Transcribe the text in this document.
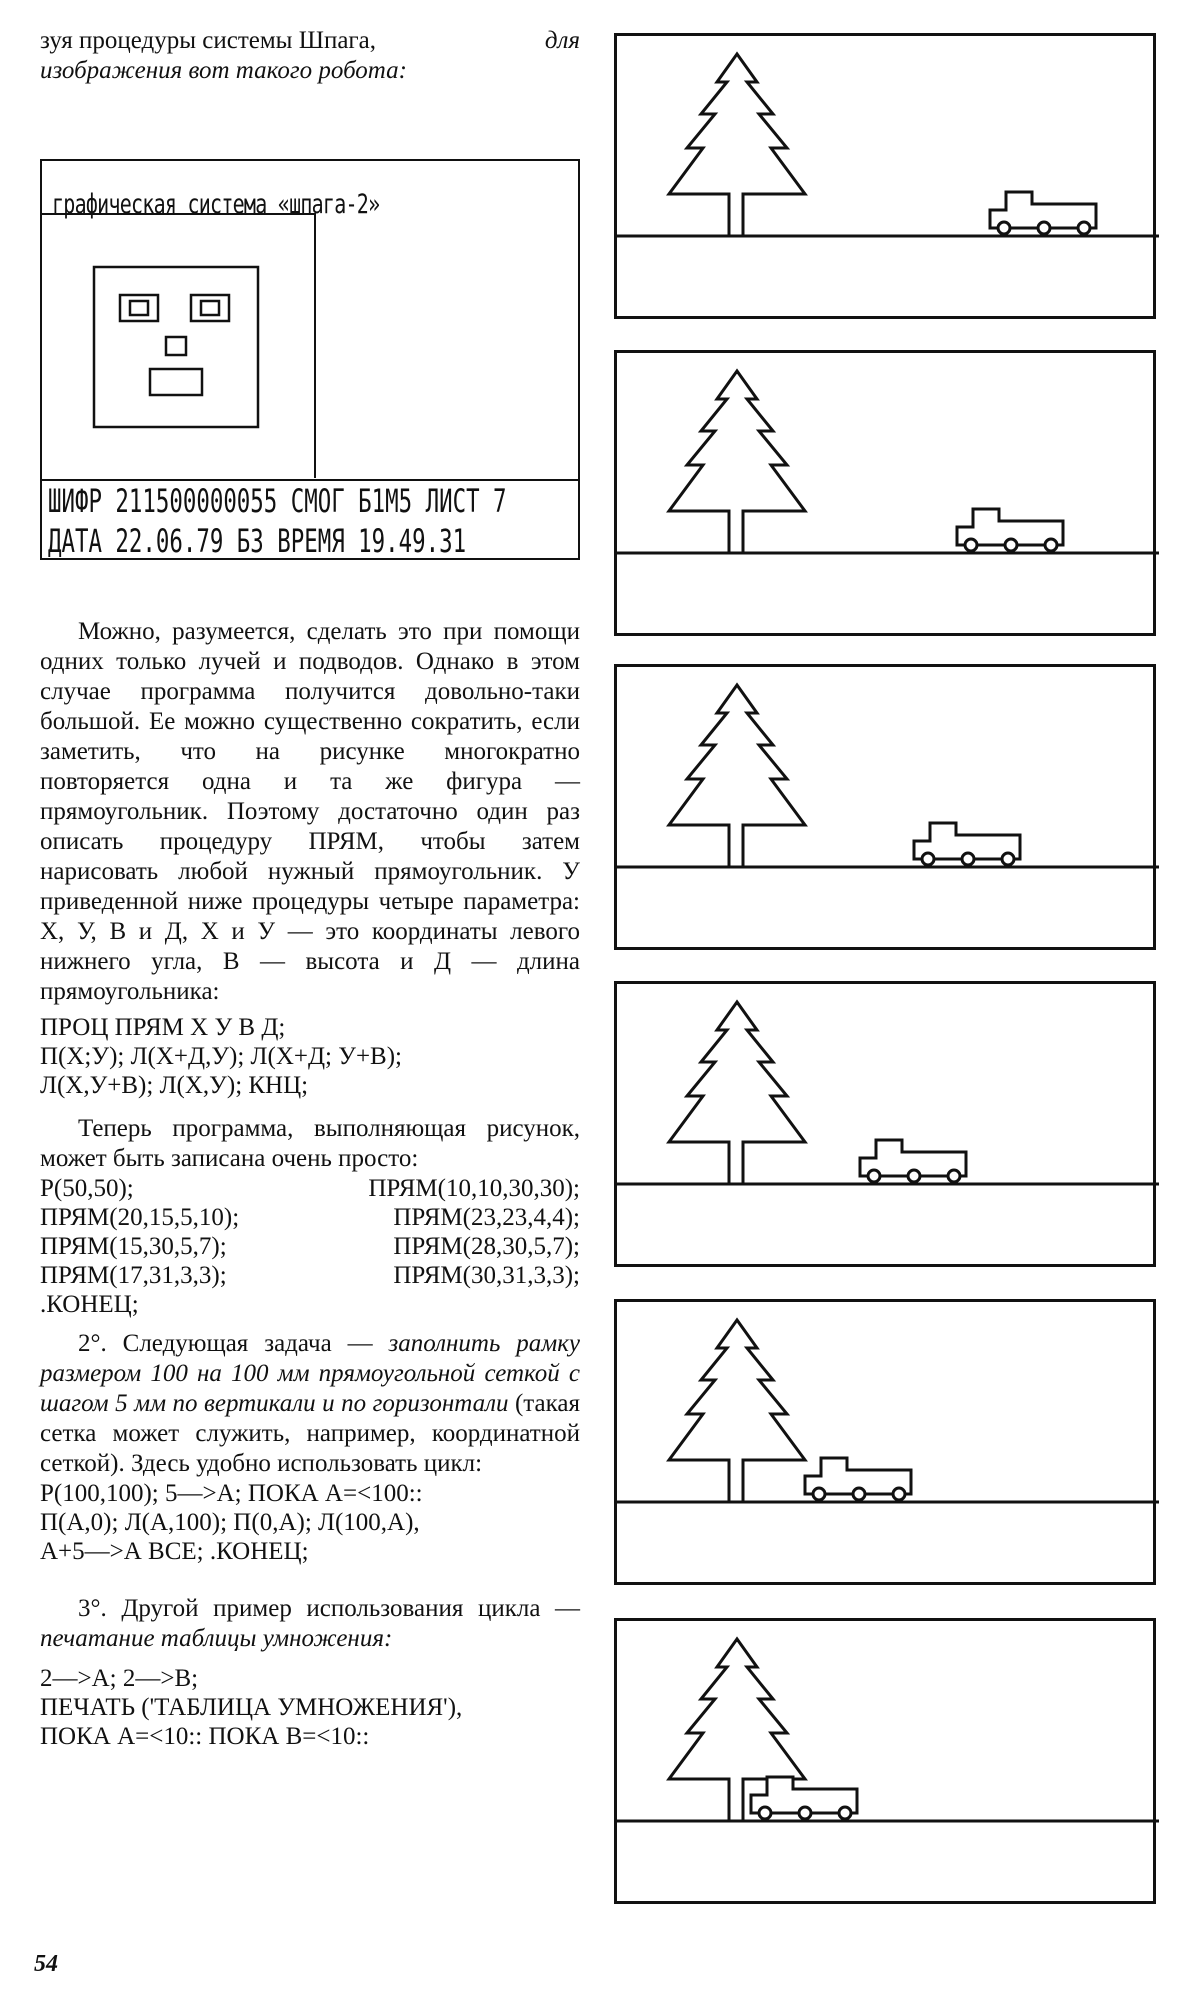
зуя процедуры системы Шпага,	для

изображения вот такого робота:

графическая система «шпага-2»
ШИФР 211500000055 СМОГ Б1М5 ЛИСТ 7
ДАТА 22.06.79 Б3 ВРЕМЯ 19.49.31

Можно, разумеется, сделать это при помощи одних только лучей и подводов. Однако в этом случае программа получится довольно-таки большой. Ее можно существенно сократить, если заметить, что на рисунке многократно повторяется одна и та же фигура — прямоугольник. Поэтому достаточно один раз описать процедуру ПРЯМ, чтобы затем нарисовать любой нужный прямоугольник. У приведенной ниже процедуры четыре параметра: Х, У, В и Д, Х и У — это координаты левого нижнего угла, В — высота и Д — длина прямоугольника:

ПРОЦ ПРЯМ Х У В Д;
П(Х;У); Л(Х+Д,У); Л(Х+Д; У+В);
Л(Х,У+В); Л(Х,У); КНЦ;

Теперь программа, выполняющая рисунок, может быть записана очень просто:

Р(50,50);	ПРЯМ(10,10,30,30);
ПРЯМ(20,15,5,10);	ПРЯМ(23,23,4,4);
ПРЯМ(15,30,5,7);	ПРЯМ(28,30,5,7);
ПРЯМ(17,31,3,3);	ПРЯМ(30,31,3,3);
.КОНЕЦ;

2°. Следующая задача — заполнить рамку размером 100 на 100 мм прямоугольной сеткой с шагом 5 мм по вертикали и по горизонтали (такая сетка может служить, например, координатной сеткой). Здесь удобно использовать цикл:

Р(100,100); 5—>А; ПОКА А=<100::
П(А,0); Л(А,100); П(0,А); Л(100,А),
А+5—>А ВСЕ; .КОНЕЦ;

3°. Другой пример использования цикла — печатание таблицы умножения:

2—>А; 2—>В;
ПЕЧАТЬ ('ТАБЛИЦА УМНОЖЕНИЯ'),
ПОКА А=<10:: ПОКА В=<10::
54
